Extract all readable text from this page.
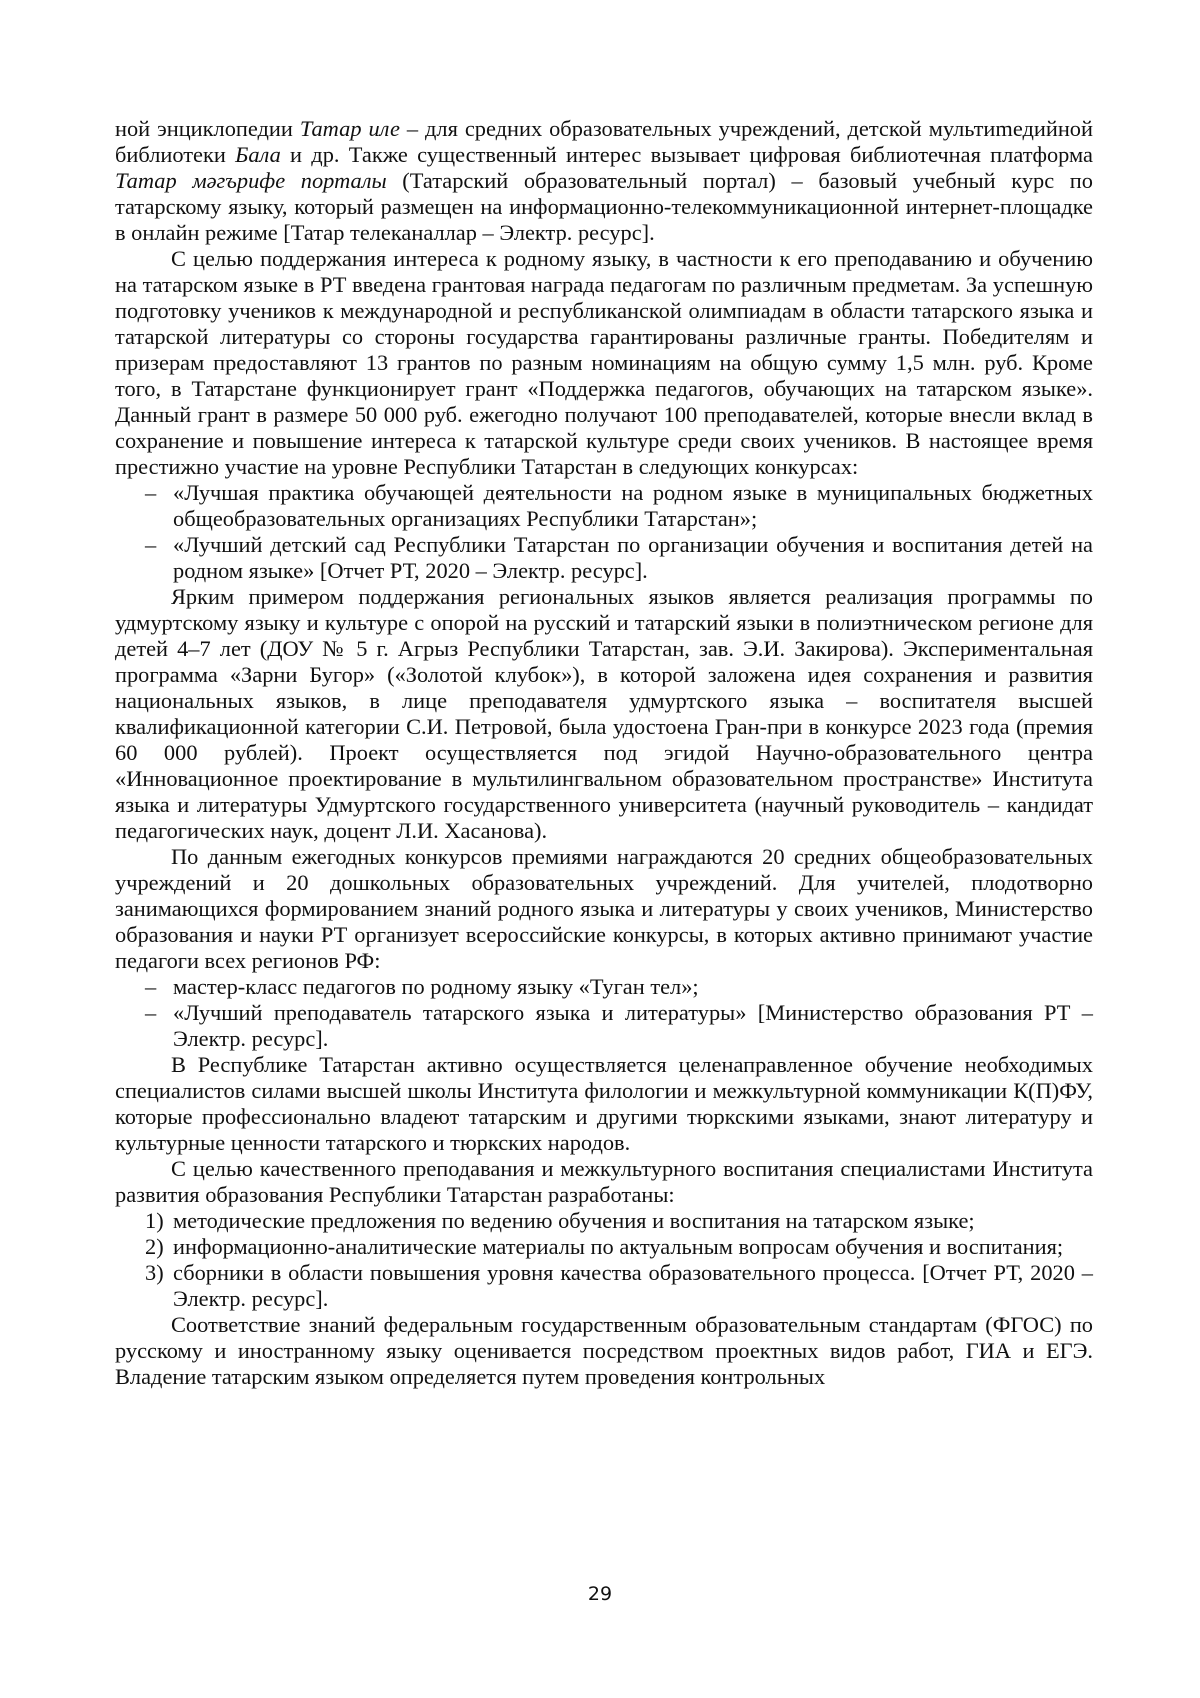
ной энциклопедии Татар иле – для средних образовательных учреждений, детской мультиmедийной библиотеки Бала и др. Также существенный интерес вызывает цифровая библиотечная платформа Татар мәгърифе порталы (Татарский образовательный портал) – базовый учебный курс по татарскому языку, который размещен на информационно-телекоммуникационной интернет-площадке в онлайн режиме [Татар телеканаллар – Электр. ресурс].

С целью поддержания интереса к родному языку, в частности к его преподаванию и обучению на татарском языке в РТ введена грантовая награда педагогам по различным предметам. За успешную подготовку учеников к международной и республиканской олимпиадам в области татарского языка и татарской литературы со стороны государства гарантированы различные гранты. Победителям и призерам предоставляют 13 грантов по разным номинациям на общую сумму 1,5 млн. руб. Кроме того, в Татарстане функционирует грант «Поддержка педагогов, обучающих на татарском языке». Данный грант в размере 50 000 руб. ежегодно получают 100 преподавателей, которые внесли вклад в сохранение и повышение интереса к татарской культуре среди своих учеников. В настоящее время престижно участие на уровне Республики Татарстан в следующих конкурсах:

– «Лучшая практика обучающей деятельности на родном языке в муниципальных бюджетных общеобразовательных организациях Республики Татарстан»;
– «Лучший детский сад Республики Татарстан по организации обучения и воспитания детей на родном языке» [Отчет РТ, 2020 – Электр. ресурс].

Ярким примером поддержания региональных языков является реализация программы по удмуртскому языку и культуре с опорой на русский и татарский языки в полиэтническом регионе для детей 4–7 лет (ДОУ № 5 г. Агрыз Республики Татарстан, зав. Э.И. Закирова). Экспериментальная программа «Зарни Бугор» («Золотой клубок»), в которой заложена идея сохранения и развития национальных языков, в лице преподавателя удмуртского языка – воспитателя высшей квалификационной категории С.И. Петровой, была удостоена Гран-при в конкурсе 2023 года (премия 60 000 рублей). Проект осуществляется под эгидой Научно-образовательного центра «Инновационное проектирование в мультилингвальном образовательном пространстве» Института языка и литературы Удмуртского государственного университета (научный руководитель – кандидат педагогических наук, доцент Л.И. Хасанова).

По данным ежегодных конкурсов премиями награждаются 20 средних общеобразовательных учреждений и 20 дошкольных образовательных учреждений. Для учителей, плодотворно занимающихся формированием знаний родного языка и литературы у своих учеников, Министерство образования и науки РТ организует всероссийские конкурсы, в которых активно принимают участие педагоги всех регионов РФ:

– мастер-класс педагогов по родному языку «Туган тел»;
– «Лучший преподаватель татарского языка и литературы» [Министерство образования РТ – Электр. ресурс].

В Республике Татарстан активно осуществляется целенаправленное обучение необходимых специалистов силами высшей школы Института филологии и межкультурной коммуникации К(П)ФУ, которые профессионально владеют татарским и другими тюркскими языками, знают литературу и культурные ценности татарского и тюркских народов.

С целью качественного преподавания и межкультурного воспитания специалистами Института развития образования Республики Татарстан разработаны:

1) методические предложения по ведению обучения и воспитания на татарском языке;
2) информационно-аналитические материалы по актуальным вопросам обучения и воспитания;
3) сборники в области повышения уровня качества образовательного процесса. [Отчет РТ, 2020 – Электр. ресурс].

Соответствие знаний федеральным государственным образовательным стандартам (ФГОС) по русскому и иностранному языку оценивается посредством проектных видов работ, ГИА и ЕГЭ. Владение татарским языком определяется путем проведения контрольных

29
